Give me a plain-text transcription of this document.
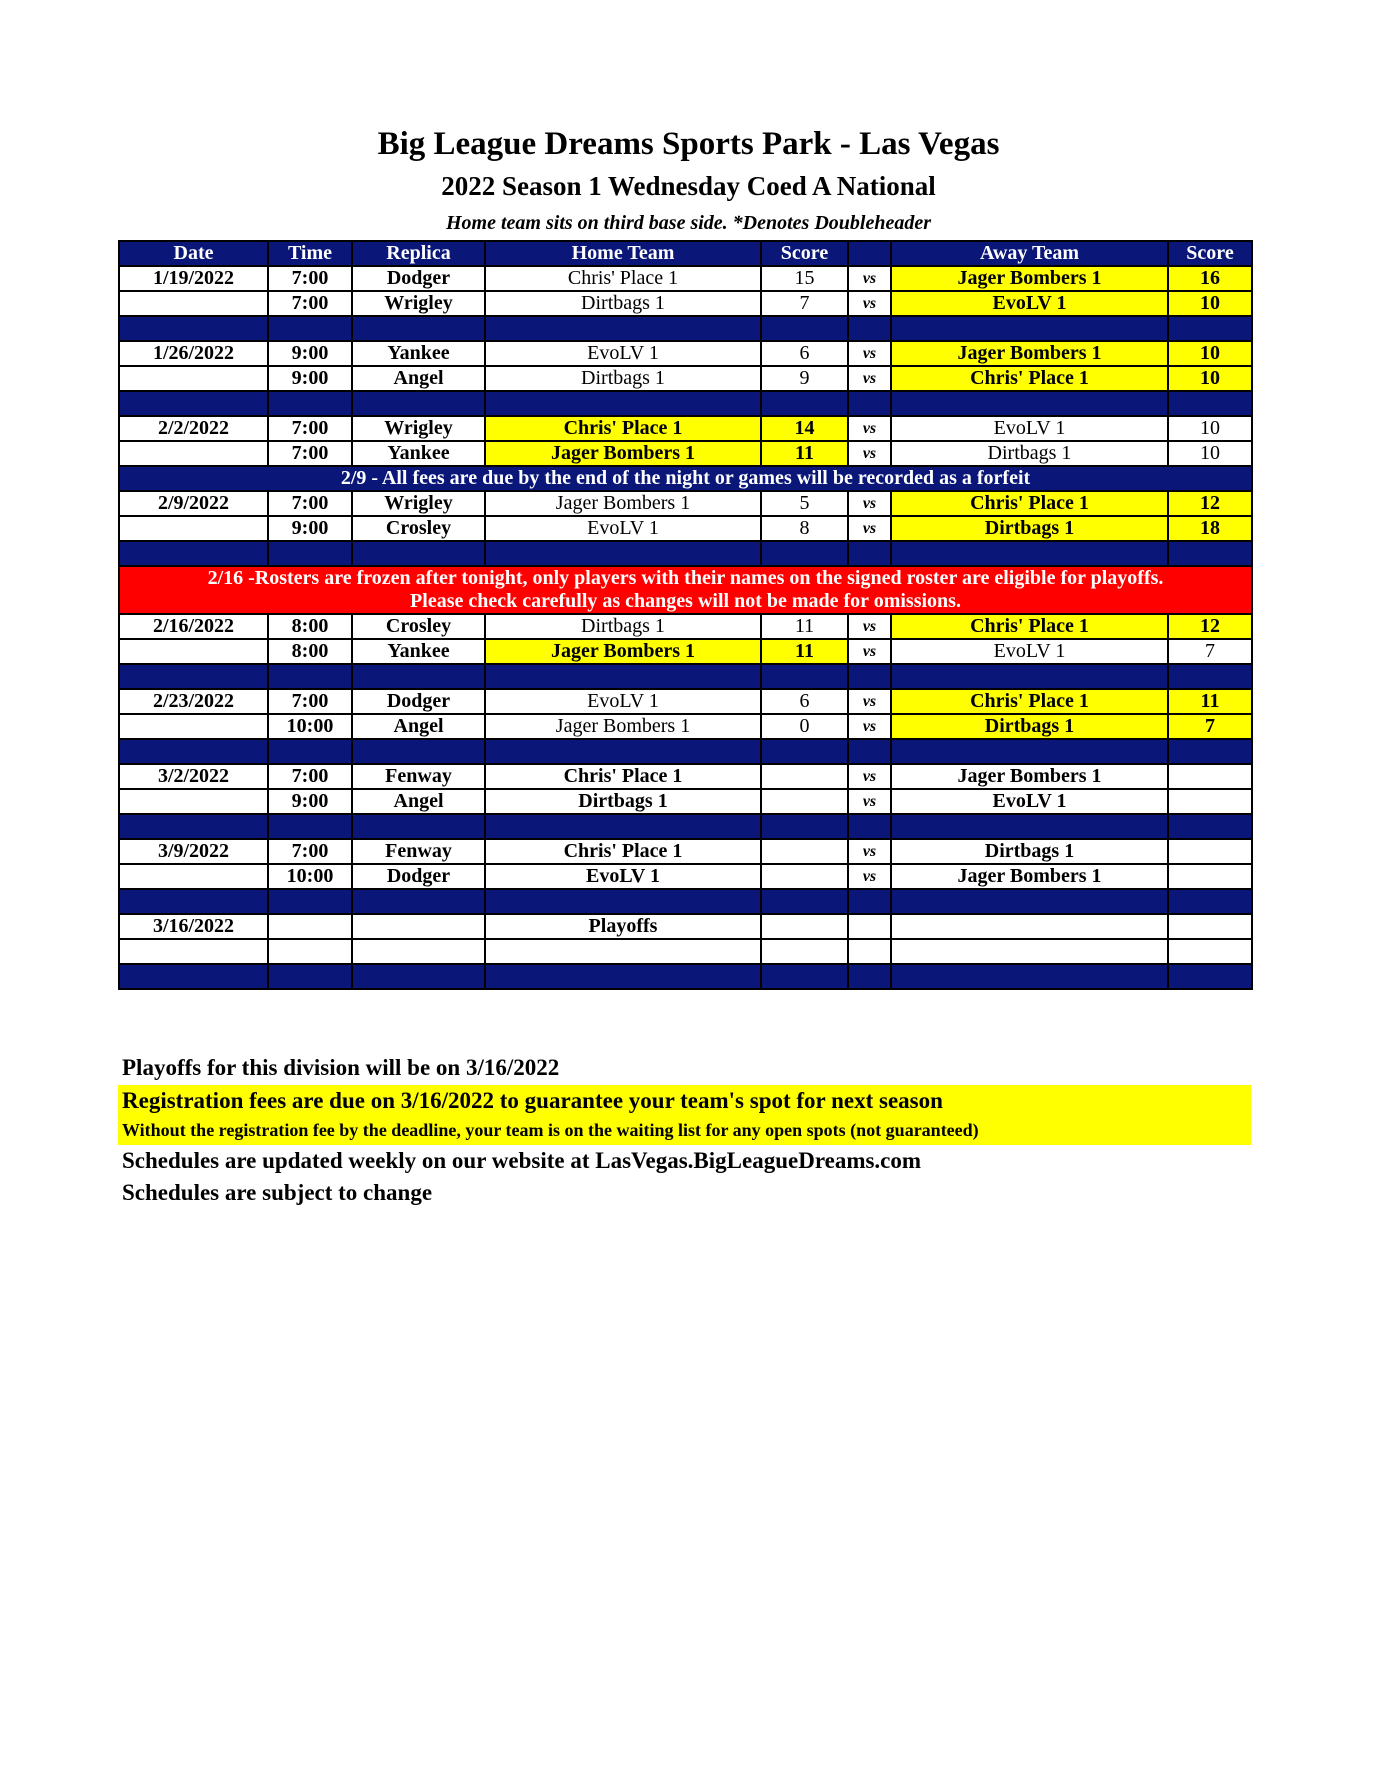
Big League Dreams Sports Park - Las Vegas
2022 Season 1 Wednesday Coed A National
Home team sits on third base side. *Denotes Doubleheader
Date	Time	Replica	Home Team	Score		Away Team	Score
1/19/2022	7:00	Dodger	Chris' Place 1	15	vs	Jager Bombers 1	16
	7:00	Wrigley	Dirtbags 1	7	vs	EvoLV 1	10

1/26/2022	9:00	Yankee	EvoLV 1	6	vs	Jager Bombers 1	10
	9:00	Angel	Dirtbags 1	9	vs	Chris' Place 1	10

2/2/2022	7:00	Wrigley	Chris' Place 1	14	vs	EvoLV 1	10
	7:00	Yankee	Jager Bombers 1	11	vs	Dirtbags 1	10
2/9 - All fees are due by the end of the night or games will be recorded as a forfeit							
2/9/2022	7:00	Wrigley	Jager Bombers 1	5	vs	Chris' Place 1	12
	9:00	Crosley	EvoLV 1	8	vs	Dirtbags 1	18

2/16 -Rosters are frozen after tonight, only players with their names on the signed roster are eligible for playoffs.
Please check carefully as changes will not be made for omissions.							

2/16/2022	8:00	Crosley	Dirtbags 1	11	vs	Chris' Place 1	12
	8:00	Yankee	Jager Bombers 1	11	vs	EvoLV 1	7

2/23/2022	7:00	Dodger	EvoLV 1	6	vs	Chris' Place 1	11
	10:00	Angel	Jager Bombers 1	0	vs	Dirtbags 1	7

3/2/2022	7:00	Fenway	Chris' Place 1		vs	Jager Bombers 1	
	9:00	Angel	Dirtbags 1		vs	EvoLV 1	

3/9/2022	7:00	Fenway	Chris' Place 1		vs	Dirtbags 1	
	10:00	Dodger	EvoLV 1		vs	Jager Bombers 1	

3/16/2022			Playoffs				

Playoffs for this division will be on 3/16/2022
Registration fees are due on 3/16/2022 to guarantee your team's spot for next season
Without the registration fee by the deadline, your team is on the waiting list for any open spots (not guaranteed)
Schedules are updated weekly on our website at LasVegas.BigLeagueDreams.com
Schedules are subject to change
